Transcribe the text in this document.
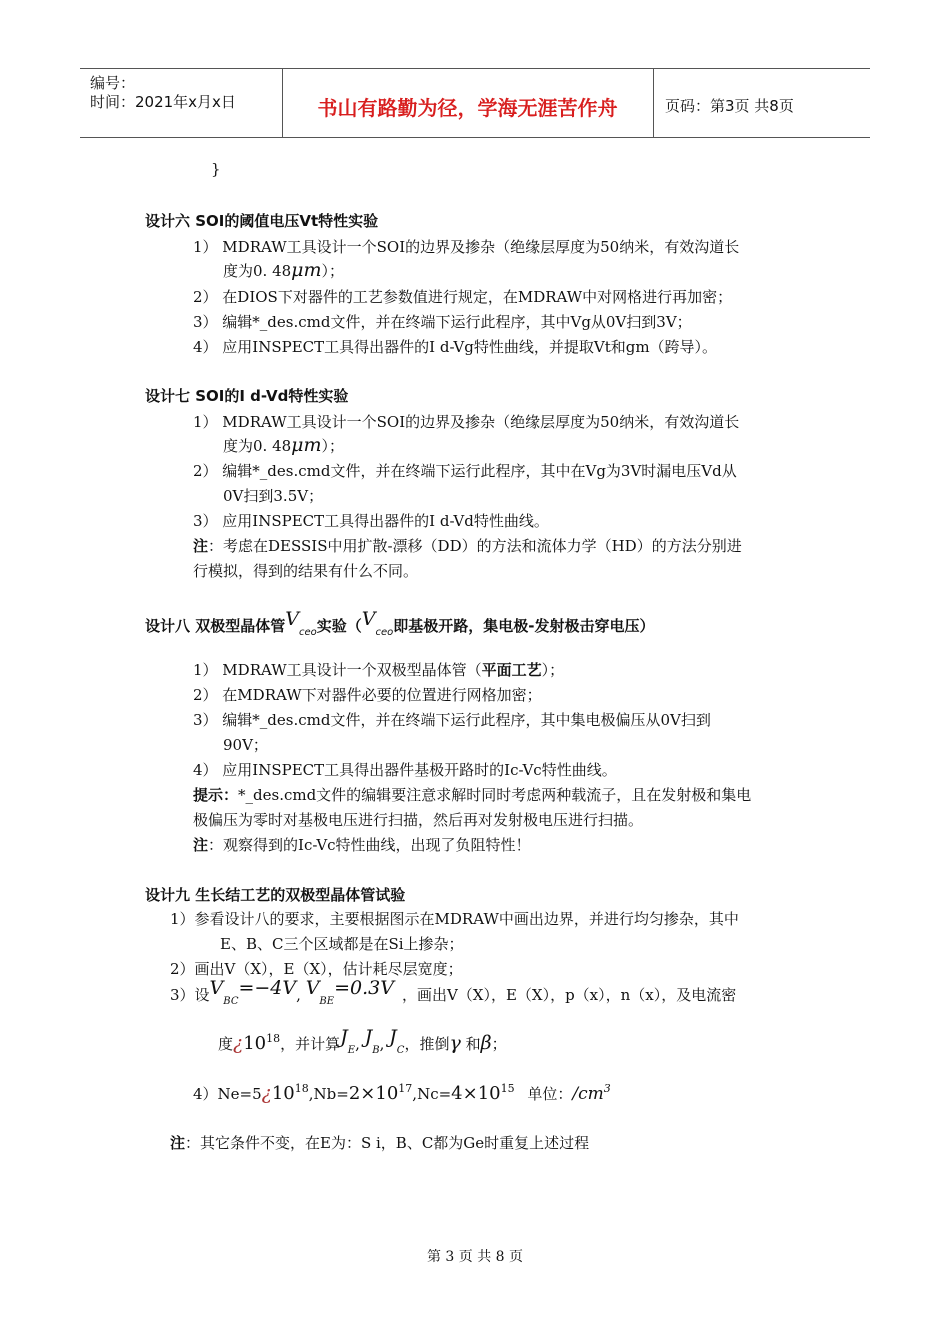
编号：
时间：2021年x月x日	书山有路勤为径，学海无涯苦作舟	页码：第3页 共8页
}
设计六 SOI的阈值电压Vt特性实验
1） MDRAW工具设计一个SOI的边界及掺杂（绝缘层厚度为50纳米，有效沟道长
度为0. 48μm）；
2） 在DIOS下对器件的工艺参数值进行规定，在MDRAW中对网格进行再加密；
3） 编辑*_des.cmd文件，并在终端下运行此程序，其中Vg从0V扫到3V；
4） 应用INSPECT工具得出器件的I d-Vg特性曲线，并提取Vt和gm（跨导）。
设计七 SOI的I d-Vd特性实验
1） MDRAW工具设计一个SOI的边界及掺杂（绝缘层厚度为50纳米，有效沟道长
度为0. 48μm）；
2） 编辑*_des.cmd文件，并在终端下运行此程序，其中在Vg为3V时漏电压Vd从
0V扫到3.5V；
3） 应用INSPECT工具得出器件的I d-Vd特性曲线。
注：考虑在DESSIS中用扩散-漂移（DD）的方法和流体力学（HD）的方法分别进
行模拟，得到的结果有什么不同。
设计八 双极型晶体管$V_{ceo}$实验（$V_{ceo}$即基极开路，集电极-发射极击穿电压）
1） MDRAW工具设计一个双极型晶体管（平面工艺）；
2） 在MDRAW下对器件必要的位置进行网格加密；
3） 编辑*_des.cmd文件，并在终端下运行此程序，其中集电极偏压从0V扫到
90V；
4） 应用INSPECT工具得出器件基极开路时的Ic-Vc特性曲线。
提示：*_des.cmd文件的编辑要注意求解时同时考虑两种载流子，且在发射极和集电
极偏压为零时对基极电压进行扫描，然后再对发射极电压进行扫描。
注：观察得到的Ic-Vc特性曲线，出现了负阻特性！
设计九 生长结工艺的双极型晶体管试验
1）参看设计八的要求，主要根据图示在MDRAW中画出边界，并进行均匀掺杂，其中
E、B、C三个区域都是在Si上掺杂；
2）画出V（X），E（X），估计耗尽层宽度；
3）设$V_{BC}=-4V$, $V_{BE}=0.3V$ ，画出V（X），E（X），p（x），n（x），及电流密
度¿$10^{18}$，并计算$J_E$, $J_B$, $J_C$，推倒γ 和β；
$4)Ne=5¿10^{18},Nb=2\times 10^{17},Nc=4\times 10^{15}$ 单位：$/cm^3$
注：其它条件不变，在E为：S i，B、C都为Ge时重复上述过程
第 3 页 共 8 页
